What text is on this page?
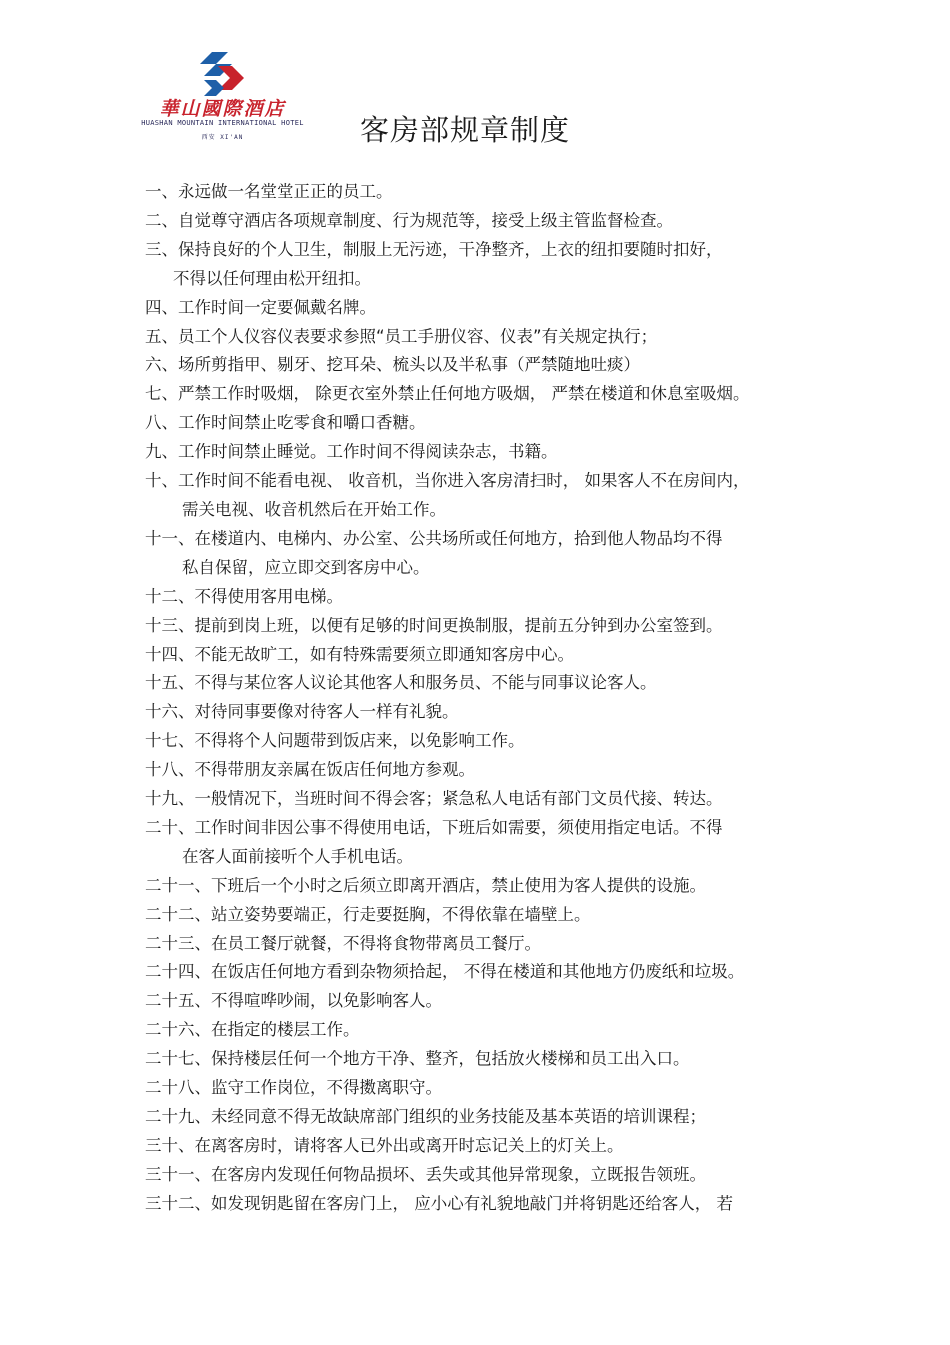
華山國際酒店
HUASHAN MOUNTAIN INTERNATIONAL HOTEL
西安 XI'AN	客房部规章制度

一、永远做一名堂堂正正的员工。

二、自觉尊守酒店各项规章制度、行为规范等，接受上级主管监督检查。

三、保持良好的个人卫生，制服上无污迹，干净整齐，上衣的纽扣要随时扣好，

不得以任何理由松开纽扣。

四、工作时间一定要佩戴名牌。

五、员工个人仪容仪表要求参照“员工手册仪容、仪表”有关规定执行；

六、场所剪指甲、剔牙、挖耳朵、梳头以及半私事（严禁随地吐痰）

七、严禁工作时吸烟， 除更衣室外禁止任何地方吸烟， 严禁在楼道和休息室吸烟。

八、工作时间禁止吃零食和嚼口香糖。

九、工作时间禁止睡觉。工作时间不得阅读杂志，书籍。

十、工作时间不能看电视、 收音机，当你进入客房清扫时， 如果客人不在房间内，

需关电视、收音机然后在开始工作。

十一、在楼道内、电梯内、办公室、公共场所或任何地方，拾到他人物品均不得

私自保留，应立即交到客房中心。

十二、不得使用客用电梯。

十三、提前到岗上班，以便有足够的时间更换制服，提前五分钟到办公室签到。

十四、不能无故旷工，如有特殊需要须立即通知客房中心。

十五、不得与某位客人议论其他客人和服务员、不能与同事议论客人。

十六、对待同事要像对待客人一样有礼貌。

十七、不得将个人问题带到饭店来，以免影响工作。

十八、不得带朋友亲属在饭店任何地方参观。

十九、一般情况下，当班时间不得会客；紧急私人电话有部门文员代接、转达。

二十、工作时间非因公事不得使用电话，下班后如需要，须使用指定电话。不得

在客人面前接听个人手机电话。

二十一、下班后一个小时之后须立即离开酒店，禁止使用为客人提供的设施。

二十二、站立姿势要端正，行走要挺胸，不得依靠在墙壁上。

二十三、在员工餐厅就餐，不得将食物带离员工餐厅。

二十四、在饭店任何地方看到杂物须拾起， 不得在楼道和其他地方仍废纸和垃圾。

二十五、不得喧哗吵闹，以免影响客人。

二十六、在指定的楼层工作。

二十七、保持楼层任何一个地方干净、整齐，包括放火楼梯和员工出入口。

二十八、监守工作岗位，不得擞离职守。

二十九、未经同意不得无故缺席部门组织的业务技能及基本英语的培训课程；

三十、在离客房时，请将客人已外出或离开时忘记关上的灯关上。

三十一、在客房内发现任何物品损坏、丢失或其他异常现象，立既报告领班。

三十二、如发现钥匙留在客房门上， 应小心有礼貌地敲门并将钥匙还给客人， 若
